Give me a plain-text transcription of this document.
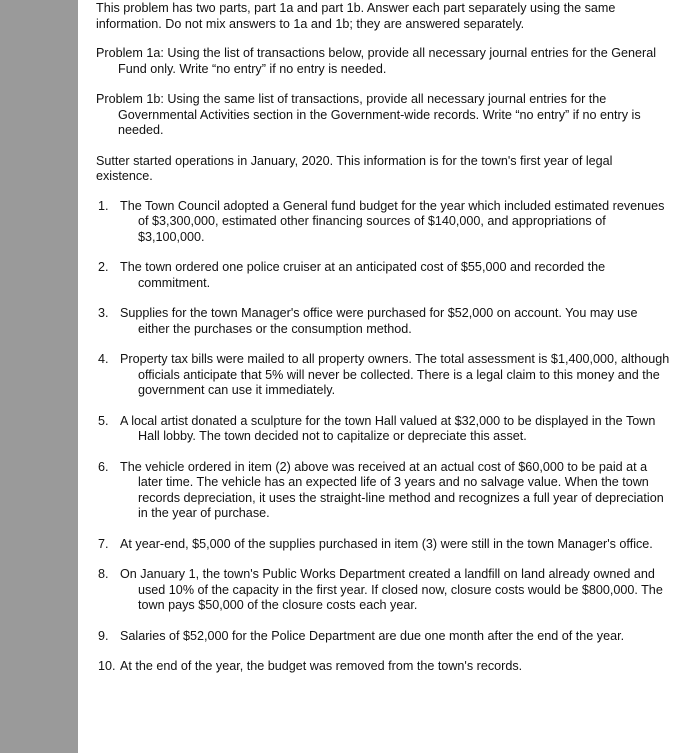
This problem has two parts, part 1a and part 1b. Answer each part separately using the same information. Do not mix answers to 1a and 1b; they are answered separately.

Problem 1a: Using the list of transactions below, provide all necessary journal entries for the General Fund only. Write “no entry” if no entry is needed.

Problem 1b: Using the same list of transactions, provide all necessary journal entries for the Governmental Activities section in the Government-wide records. Write “no entry” if no entry is needed.

Sutter started operations in January, 2020. This information is for the town's first year of legal existence.

1. The Town Council adopted a General fund budget for the year which included estimated revenues of $3,300,000, estimated other financing sources of $140,000, and appropriations of $3,100,000.
2. The town ordered one police cruiser at an anticipated cost of $55,000 and recorded the commitment.
3. Supplies for the town Manager's office were purchased for $52,000 on account. You may use either the purchases or the consumption method.
4. Property tax bills were mailed to all property owners. The total assessment is $1,400,000, although officials anticipate that 5% will never be collected. There is a legal claim to this money and the government can use it immediately.
5. A local artist donated a sculpture for the town Hall valued at $32,000 to be displayed in the Town Hall lobby. The town decided not to capitalize or depreciate this asset.
6. The vehicle ordered in item (2) above was received at an actual cost of $60,000 to be paid at a later time. The vehicle has an expected life of 3 years and no salvage value. When the town records depreciation, it uses the straight-line method and recognizes a full year of depreciation in the year of purchase.
7. At year-end, $5,000 of the supplies purchased in item (3) were still in the town Manager's office.
8. On January 1, the town's Public Works Department created a landfill on land already owned and used 10% of the capacity in the first year. If closed now, closure costs would be $800,000. The town pays $50,000 of the closure costs each year.
9. Salaries of $52,000 for the Police Department are due one month after the end of the year.
10. At the end of the year, the budget was removed from the town's records.
